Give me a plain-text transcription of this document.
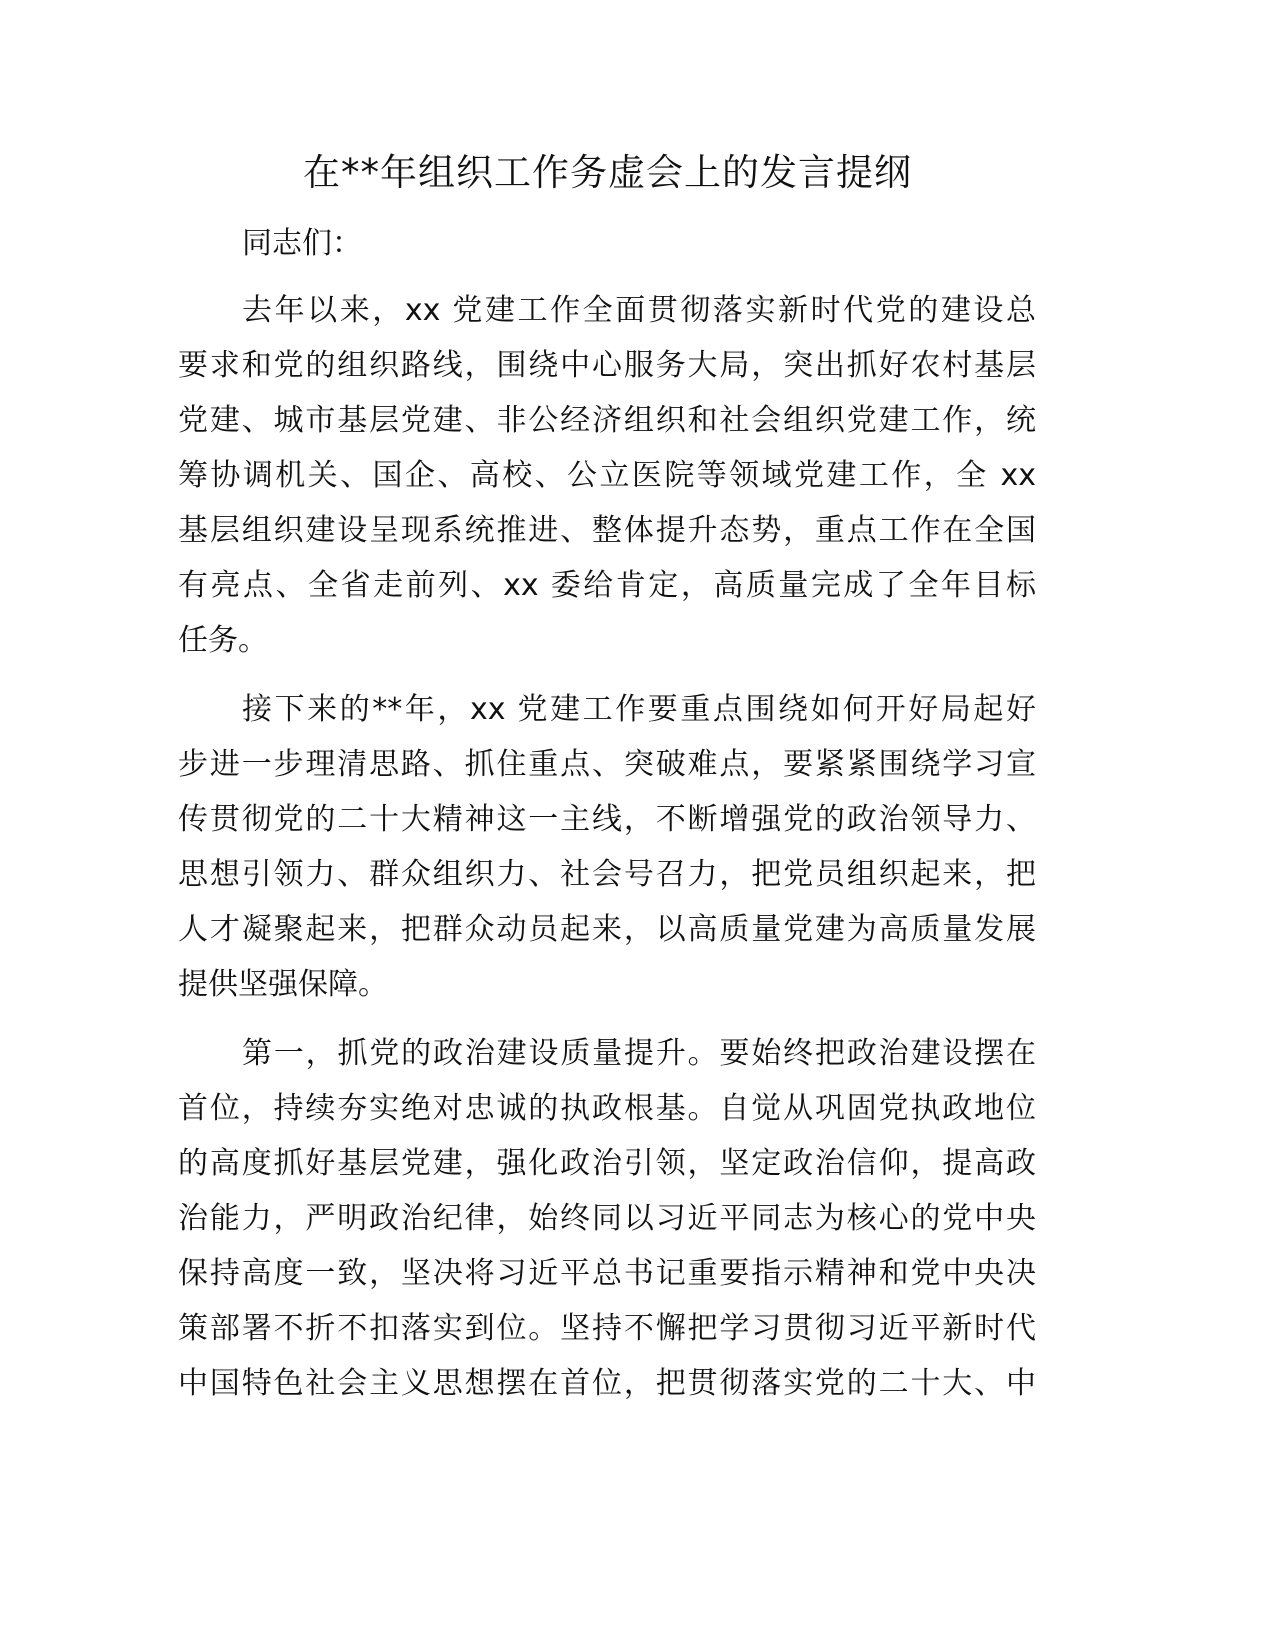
在**年组织工作务虚会上的发言提纲
同志们：
去年以来，xx 党建工作全面贯彻落实新时代党的建设总
要求和党的组织路线，围绕中心服务大局，突出抓好农村基层
党建、城市基层党建、非公经济组织和社会组织党建工作，统
筹协调机关、国企、高校、公立医院等领域党建工作，全 xx
基层组织建设呈现系统推进、整体提升态势，重点工作在全国
有亮点、全省走前列、xx 委给肯定，高质量完成了全年目标
任务。
接下来的**年，xx 党建工作要重点围绕如何开好局起好
步进一步理清思路、抓住重点、突破难点，要紧紧围绕学习宣
传贯彻党的二十大精神这一主线，不断增强党的政治领导力、
思想引领力、群众组织力、社会号召力，把党员组织起来，把
人才凝聚起来，把群众动员起来，以高质量党建为高质量发展
提供坚强保障。
第一，抓党的政治建设质量提升。要始终把政治建设摆在
首位，持续夯实绝对忠诚的执政根基。自觉从巩固党执政地位
的高度抓好基层党建，强化政治引领，坚定政治信仰，提高政
治能力，严明政治纪律，始终同以习近平同志为核心的党中央
保持高度一致，坚决将习近平总书记重要指示精神和党中央决
策部署不折不扣落实到位。坚持不懈把学习贯彻习近平新时代
中国特色社会主义思想摆在首位，把贯彻落实党的二十大、中
